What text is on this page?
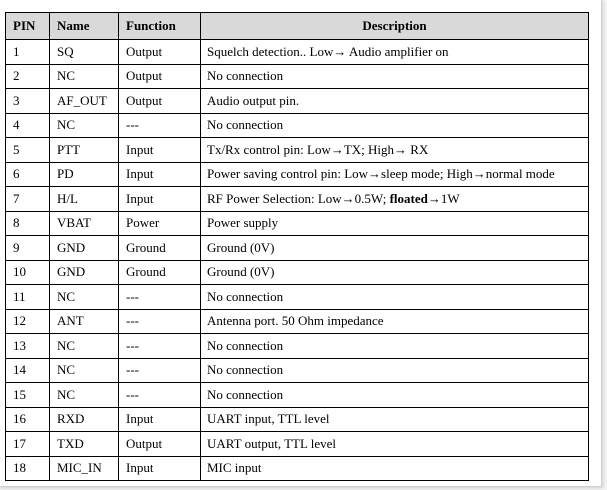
PIN	Name	Function	Description
1	SQ	Output	Squelch detection.. Low→ Audio amplifier on
2	NC	Output	No connection
3	AF_OUT	Output	Audio output pin.
4	NC	---	No connection
5	PTT	Input	Tx/Rx control pin: Low→TX; High→ RX
6	PD	Input	Power saving control pin: Low→sleep mode; High→normal mode
7	H/L	Input	RF Power Selection: Low→0.5W; floated→1W
8	VBAT	Power	Power supply
9	GND	Ground	Ground (0V)
10	GND	Ground	Ground (0V)
11	NC	---	No connection
12	ANT	---	Antenna port. 50 Ohm impedance
13	NC	---	No connection
14	NC	---	No connection
15	NC	---	No connection
16	RXD	Input	UART input, TTL level
17	TXD	Output	UART output, TTL level
18	MIC_IN	Input	MIC input
